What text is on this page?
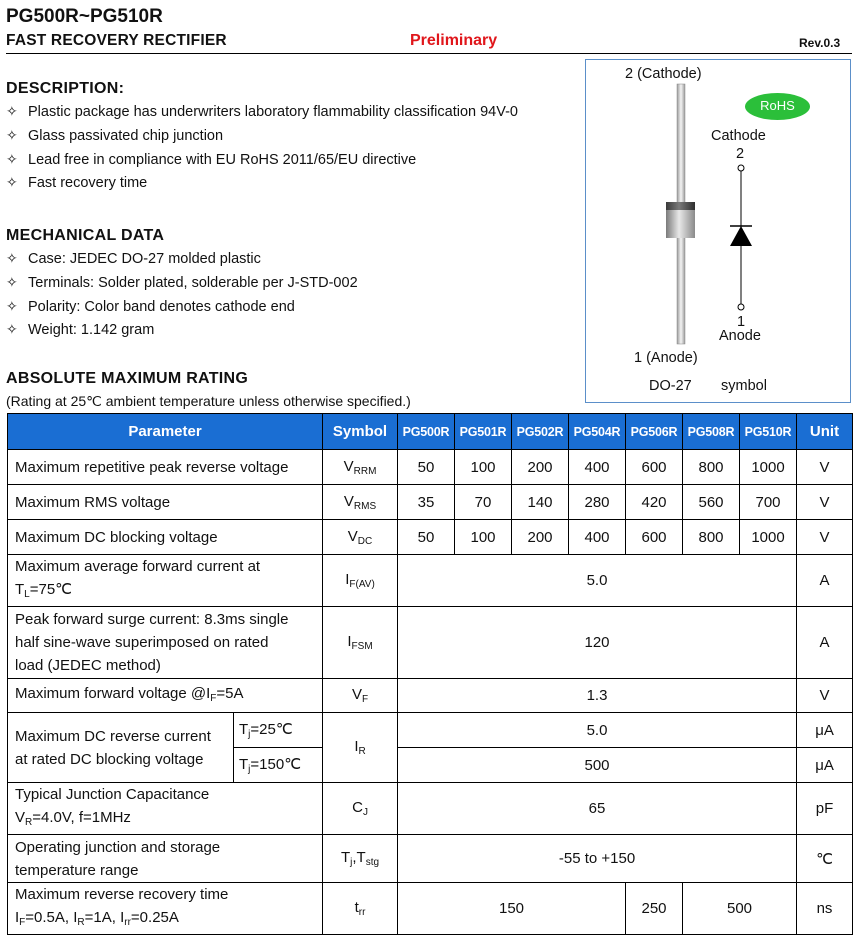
PG500R~PG510R
FAST RECOVERY RECTIFIER	Preliminary	Rev.0.3
DESCRIPTION:
✧ Plastic package has underwriters laboratory flammability classification 94V-0
✧ Glass passivated chip junction
✧ Lead free in compliance with EU RoHS 2011/65/EU directive
✧ Fast recovery time
MECHANICAL DATA
✧ Case: JEDEC DO-27 molded plastic
✧ Terminals: Solder plated, solderable per J-STD-002
✧ Polarity: Color band denotes cathode end
✧ Weight: 1.142 gram
2 (Cathode)
1 (Anode)
DO-27
RoHS
Cathode
2
1
Anode
symbol
ABSOLUTE MAXIMUM RATING
(Rating at 25℃ ambient temperature unless otherwise specified.)
Parameter		Symbol	PG500R	PG501R	PG502R	PG504R	PG506R	PG508R	PG510R	Unit
Maximum repetitive peak reverse voltage		$V_{RRM}$	50	100	200	400	600	800	1000	V
Maximum RMS voltage		$V_{RMS}$	35	70	140	280	420	560	700	V
Maximum DC blocking voltage		$V_{DC}$	50	100	200	400	600	800	1000	V

Maximum average forward current at
$T_L=75℃$		$I_{F(AV)}$	5.0							A

Peak forward surge current: 8.3ms single
half sine-wave superimposed on rated
load (JEDEC method)		$I_{FSM}$	120							A
Maximum forward voltage $@I_F=5A$		$V_F$	1.3							V

Maximum DC reverse current
at rated DC blocking voltage	$T_j=25℃$	$I_R$	5.0							μA
	$T_j=150℃$		500							μA

Typical Junction Capacitance
$V_R=4.0V$, f=1MHz		$C_J$	65							pF

Operating junction and storage
temperature range		$T_j,T_{stg}$	-55 to +150							℃

Maximum reverse recovery time
$I_F=0.5A$, $I_R=1A$, $I_{rr}=0.25A$		$t_{rr}$	150				250	500		ns
